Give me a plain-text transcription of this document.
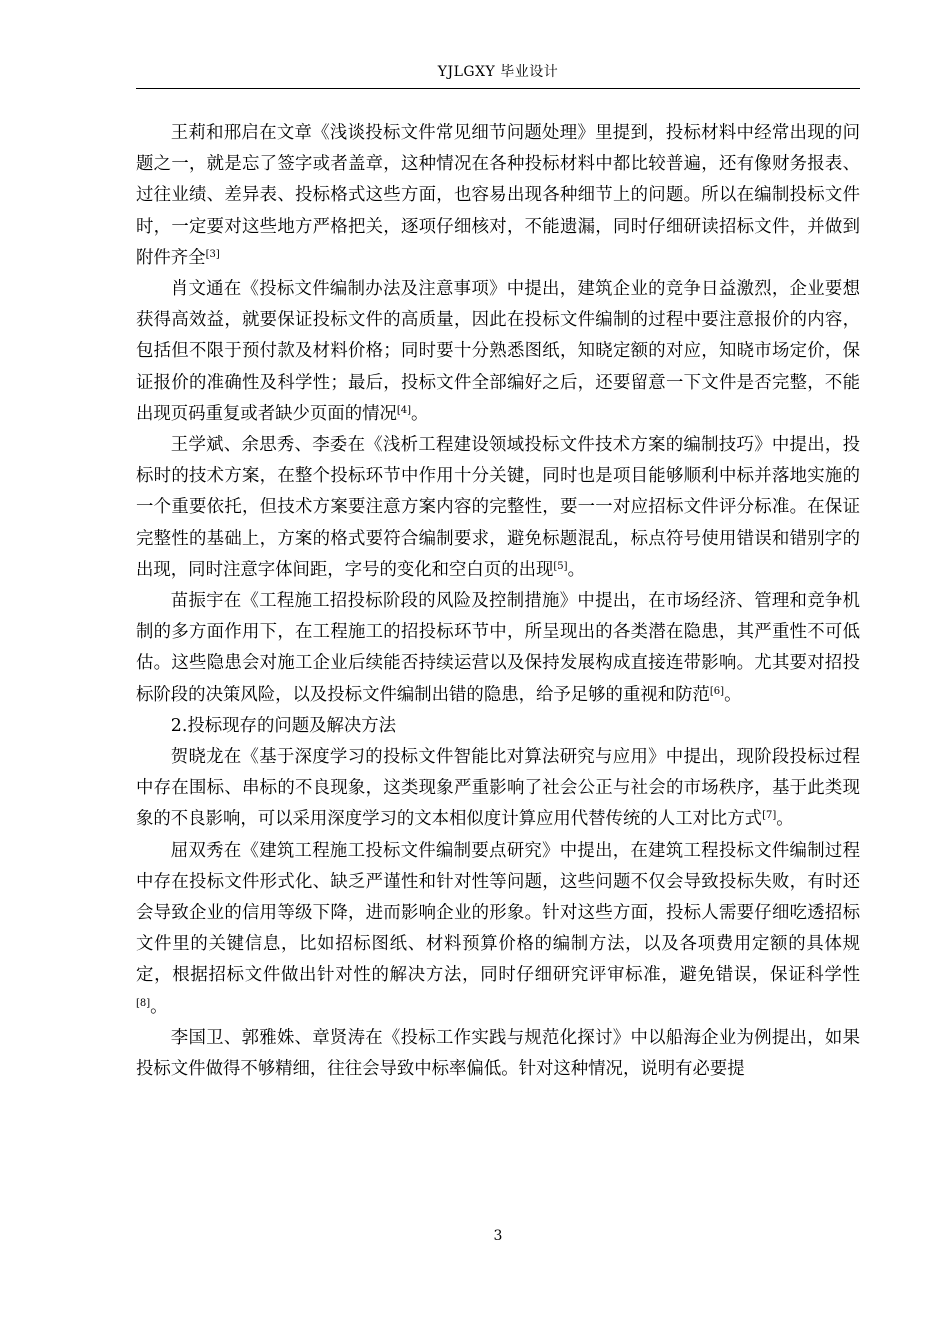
YJLGXY 毕业设计

王莉和邢启在文章《浅谈投标文件常见细节问题处理》里提到，投标材料中经常出现的问题之一，就是忘了签字或者盖章，这种情况在各种投标材料中都比较普遍，还有像财务报表、过往业绩、差异表、投标格式这些方面，也容易出现各种细节上的问题。所以在编制投标文件时，一定要对这些地方严格把关，逐项仔细核对，不能遗漏，同时仔细研读招标文件，并做到附件齐全[3]

肖文通在《投标文件编制办法及注意事项》中提出，建筑企业的竞争日益激烈，企业要想获得高效益，就要保证投标文件的高质量，因此在投标文件编制的过程中要注意报价的内容，包括但不限于预付款及材料价格；同时要十分熟悉图纸，知晓定额的对应，知晓市场定价，保证报价的准确性及科学性；最后，投标文件全部编好之后，还要留意一下文件是否完整，不能出现页码重复或者缺少页面的情况[4]。

王学斌、余思秀、李委在《浅析工程建设领域投标文件技术方案的编制技巧》中提出，投标时的技术方案，在整个投标环节中作用十分关键，同时也是项目能够顺利中标并落地实施的一个重要依托，但技术方案要注意方案内容的完整性，要一一对应招标文件评分标准。在保证完整性的基础上，方案的格式要符合编制要求，避免标题混乱，标点符号使用错误和错别字的出现，同时注意字体间距，字号的变化和空白页的出现[5]。

苗振宇在《工程施工招投标阶段的风险及控制措施》中提出，在市场经济、管理和竞争机制的多方面作用下，在工程施工的招投标环节中，所呈现出的各类潜在隐患，其严重性不可低估。这些隐患会对施工企业后续能否持续运营以及保持发展构成直接连带影响。尤其要对招投标阶段的决策风险，以及投标文件编制出错的隐患，给予足够的重视和防范[6]。

2.投标现存的问题及解决方法

贺晓龙在《基于深度学习的投标文件智能比对算法研究与应用》中提出，现阶段投标过程中存在围标、串标的不良现象，这类现象严重影响了社会公正与社会的市场秩序，基于此类现象的不良影响，可以采用深度学习的文本相似度计算应用代替传统的人工对比方式[7]。

屈双秀在《建筑工程施工投标文件编制要点研究》中提出，在建筑工程投标文件编制过程中存在投标文件形式化、缺乏严谨性和针对性等问题，这些问题不仅会导致投标失败，有时还会导致企业的信用等级下降，进而影响企业的形象。针对这些方面，投标人需要仔细吃透招标文件里的关键信息，比如招标图纸、材料预算价格的编制方法，以及各项费用定额的具体规定，根据招标文件做出针对性的解决方法，同时仔细研究评审标准，避免错误，保证科学性[8]。

李国卫、郭雅姝、章贤涛在《投标工作实践与规范化探讨》中以船海企业为例提出，如果投标文件做得不够精细，往往会导致中标率偏低。针对这种情况，说明有必要提

3
